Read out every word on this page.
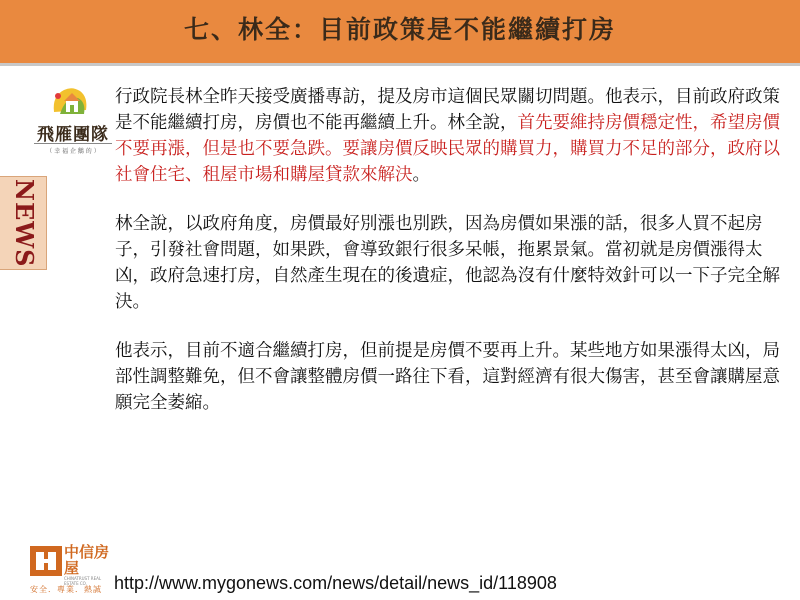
七、林全：目前政策是不能繼續打房
飛雁團隊
（ 幸 福 企 鵝 的 ）
NEWS

行政院長林全昨天接受廣播專訪，提及房市這個民眾關切問題。他表示，目前政府政策是不能繼續打房，房價也不能再繼續上升。林全說，首先要維持房價穩定性，希望房價不要再漲，但是也不要急跌。要讓房價反映民眾的購買力，購買力不足的部分，政府以社會住宅、租屋市場和購屋貸款來解決。

林全說，以政府角度，房價最好別漲也別跌，因為房價如果漲的話，很多人買不起房子，引發社會問題，如果跌，會導致銀行很多呆帳，拖累景氣。當初就是房價漲得太凶，政府急速打房，自然產生現在的後遺症，他認為沒有什麼特效針可以一下子完全解決。

他表示，目前不適合繼續打房，但前提是房價不要再上升。某些地方如果漲得太凶，局部性調整難免，但不會讓整體房價一路往下看，這對經濟有很大傷害，甚至會讓購屋意願完全萎縮。

中信房屋
CHINATRUST REAL ESTATE CO.
安全．專業．熱誠 http://www.mygonews.com/news/detail/news_id/118908
